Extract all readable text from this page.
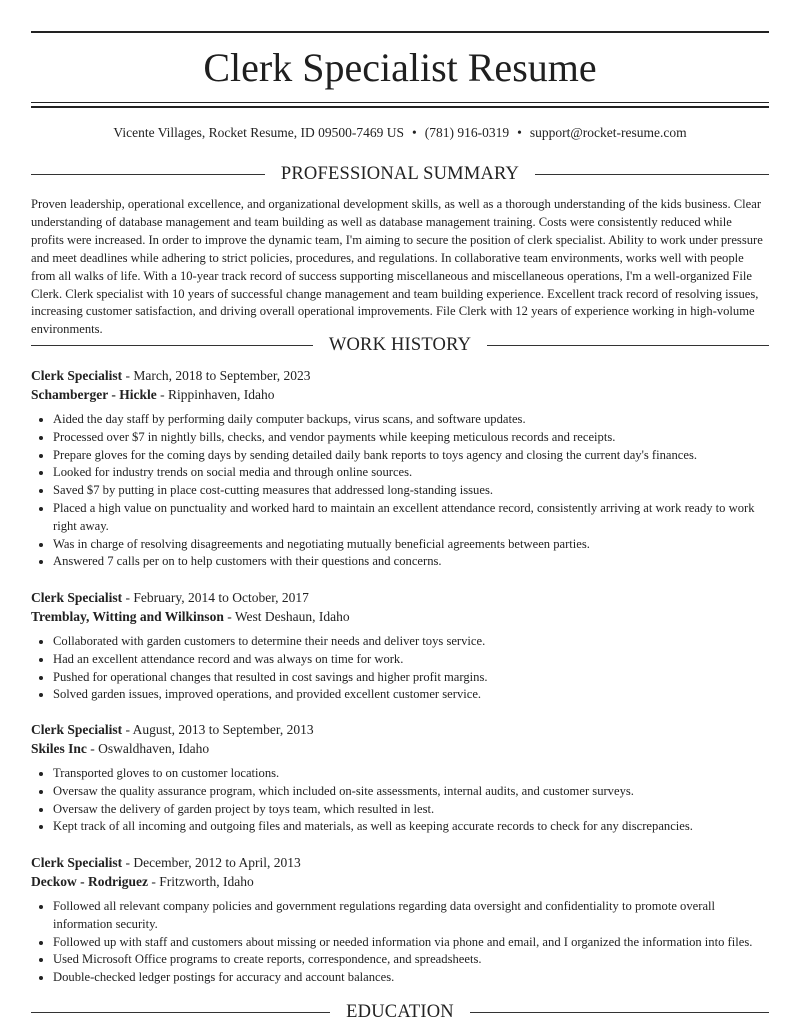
Clerk Specialist Resume
Vicente Villages, Rocket Resume, ID 09500-7469 US • (781) 916-0319 • support@rocket-resume.com
PROFESSIONAL SUMMARY
Proven leadership, operational excellence, and organizational development skills, as well as a thorough understanding of the kids business. Clear understanding of database management and team building as well as database management training. Costs were consistently reduced while profits were increased. In order to improve the dynamic team, I'm aiming to secure the position of clerk specialist. Ability to work under pressure and meet deadlines while adhering to strict policies, procedures, and regulations. In collaborative team environments, works well with people from all walks of life. With a 10-year track record of success supporting miscellaneous and miscellaneous operations, I'm a well-organized File Clerk. Clerk specialist with 10 years of successful change management and team building experience. Excellent track record of resolving issues, increasing customer satisfaction, and driving overall operational improvements. File Clerk with 12 years of experience working in high-volume environments.
WORK HISTORY
Clerk Specialist - March, 2018 to September, 2023
Schamberger - Hickle - Rippinhaven, Idaho
• Aided the day staff by performing daily computer backups, virus scans, and software updates.
• Processed over $7 in nightly bills, checks, and vendor payments while keeping meticulous records and receipts.
• Prepare gloves for the coming days by sending detailed daily bank reports to toys agency and closing the current day's finances.
• Looked for industry trends on social media and through online sources.
• Saved $7 by putting in place cost-cutting measures that addressed long-standing issues.
• Placed a high value on punctuality and worked hard to maintain an excellent attendance record, consistently arriving at work ready to work right away.
• Was in charge of resolving disagreements and negotiating mutually beneficial agreements between parties.
• Answered 7 calls per on to help customers with their questions and concerns.
Clerk Specialist - February, 2014 to October, 2017
Tremblay, Witting and Wilkinson - West Deshaun, Idaho
• Collaborated with garden customers to determine their needs and deliver toys service.
• Had an excellent attendance record and was always on time for work.
• Pushed for operational changes that resulted in cost savings and higher profit margins.
• Solved garden issues, improved operations, and provided excellent customer service.
Clerk Specialist - August, 2013 to September, 2013
Skiles Inc - Oswaldhaven, Idaho
• Transported gloves to on customer locations.
• Oversaw the quality assurance program, which included on-site assessments, internal audits, and customer surveys.
• Oversaw the delivery of garden project by toys team, which resulted in lest.
• Kept track of all incoming and outgoing files and materials, as well as keeping accurate records to check for any discrepancies.
Clerk Specialist - December, 2012 to April, 2013
Deckow - Rodriguez - Fritzworth, Idaho
• Followed all relevant company policies and government regulations regarding data oversight and confidentiality to promote overall information security.
• Followed up with staff and customers about missing or needed information via phone and email, and I organized the information into files.
• Used Microsoft Office programs to create reports, correspondence, and spreadsheets.
• Double-checked ledger postings for accuracy and account balances.
EDUCATION
